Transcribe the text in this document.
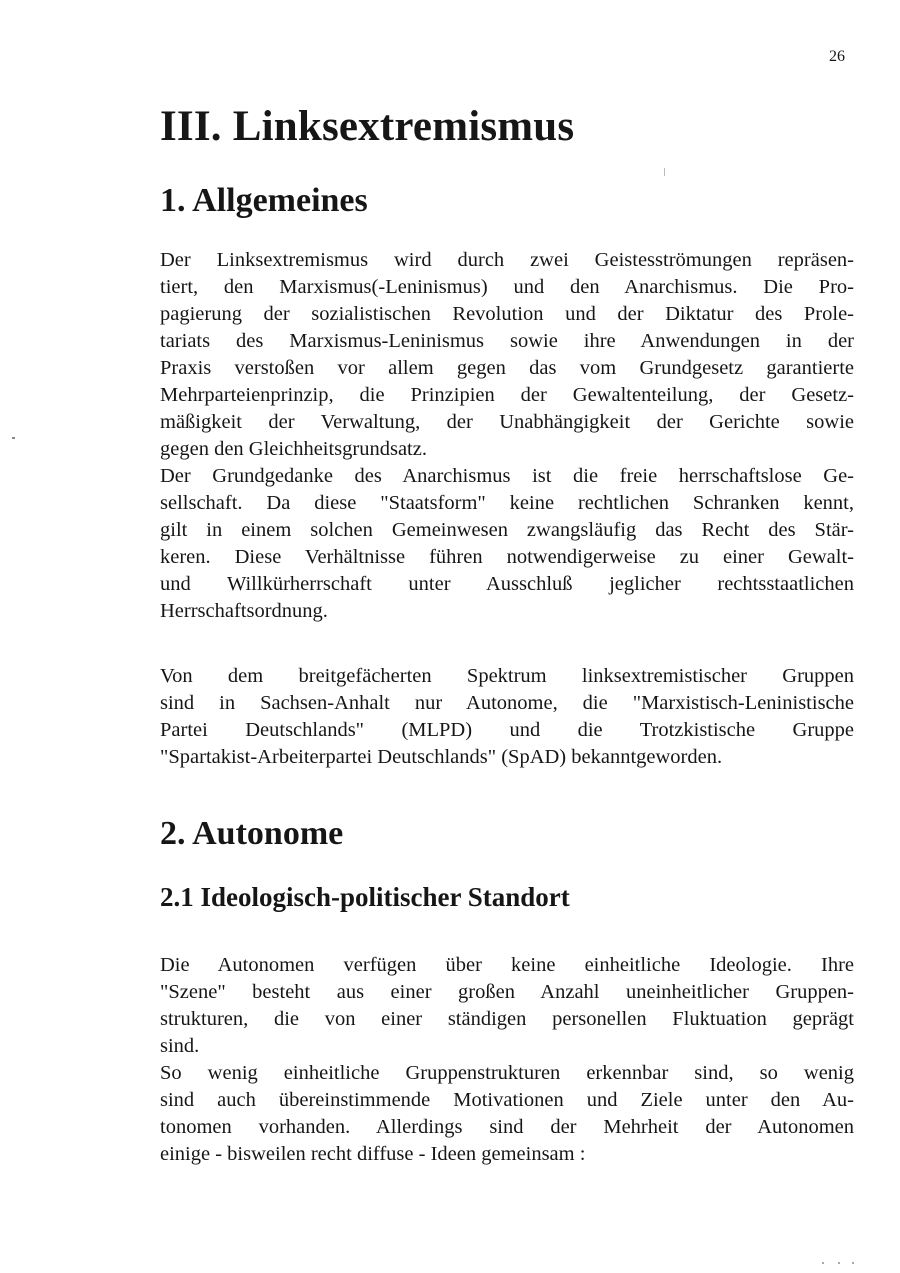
26
III. Linksextremismus
1. Allgemeines
Der Linksextremismus wird durch zwei Geistesströmungen repräsen-
tiert, den Marxismus(-Leninismus) und den Anarchismus. Die Pro-
pagierung der sozialistischen Revolution und der Diktatur des Prole-
tariats des Marxismus-Leninismus sowie ihre Anwendungen in der
Praxis verstoßen vor allem gegen das vom Grundgesetz garantierte
Mehrparteienprinzip, die Prinzipien der Gewaltenteilung, der Gesetz-
mäßigkeit der Verwaltung, der Unabhängigkeit der Gerichte sowie
gegen den Gleichheitsgrundsatz.
Der Grundgedanke des Anarchismus ist die freie herrschaftslose Ge-
sellschaft. Da diese "Staatsform" keine rechtlichen Schranken kennt,
gilt in einem solchen Gemeinwesen zwangsläufig das Recht des Stär-
keren. Diese Verhältnisse führen notwendigerweise zu einer Gewalt-
und Willkürherrschaft unter Ausschluß jeglicher rechtsstaatlichen
Herrschaftsordnung.
Von dem breitgefächerten Spektrum linksextremistischer Gruppen
sind in Sachsen-Anhalt nur Autonome, die "Marxistisch-Leninistische
Partei Deutschlands" (MLPD) und die Trotzkistische Gruppe
"Spartakist-Arbeiterpartei Deutschlands" (SpAD) bekanntgeworden.
2. Autonome
2.1 Ideologisch-politischer Standort
Die Autonomen verfügen über keine einheitliche Ideologie. Ihre
"Szene" besteht aus einer großen Anzahl uneinheitlicher Gruppen-
strukturen, die von einer ständigen personellen Fluktuation geprägt
sind.
So wenig einheitliche Gruppenstrukturen erkennbar sind, so wenig
sind auch übereinstimmende Motivationen und Ziele unter den Au-
tonomen vorhanden. Allerdings sind der Mehrheit der Autonomen
einige - bisweilen recht diffuse - Ideen gemeinsam :
